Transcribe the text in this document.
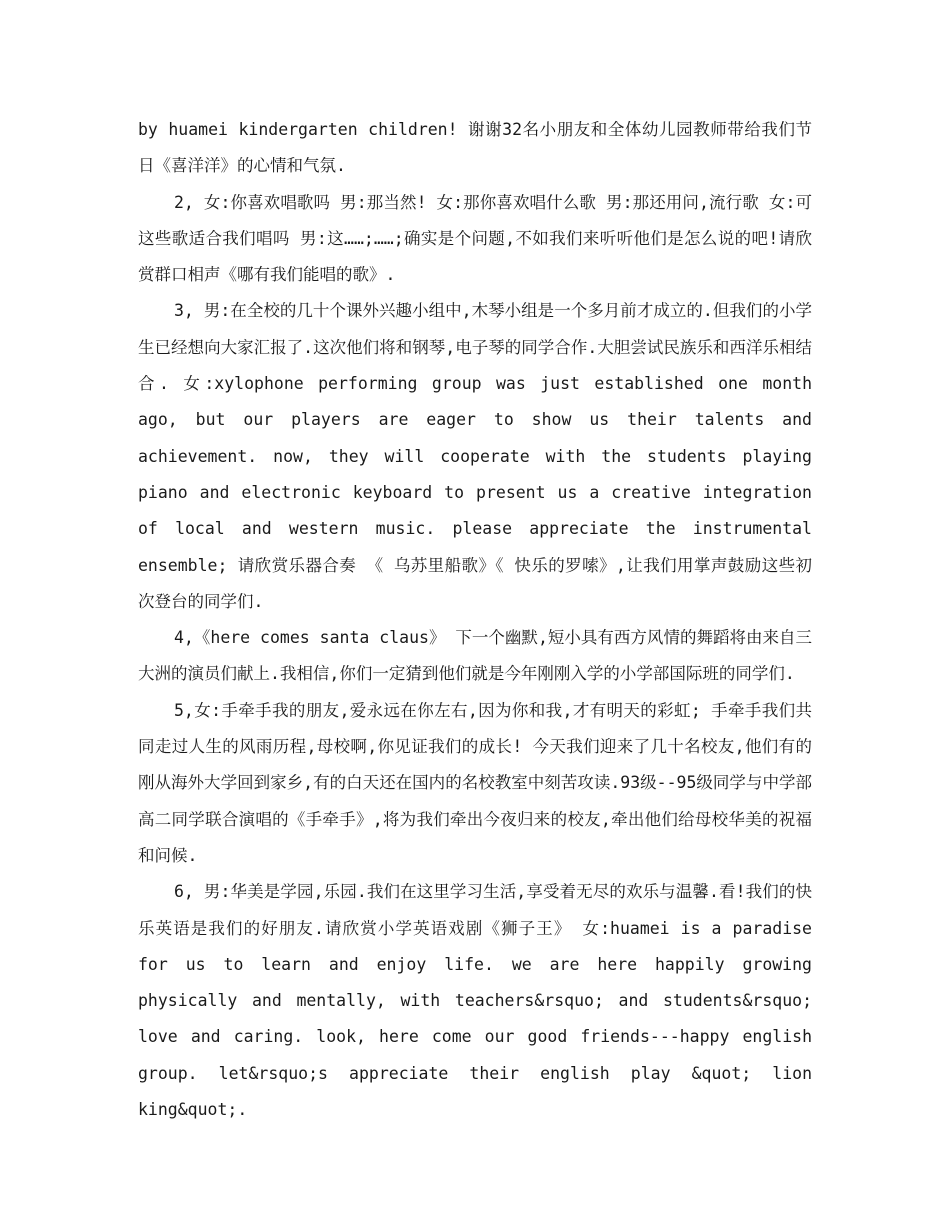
by huamei kindergarten children! 谢谢32名小朋友和全体幼儿园教师带给我们节日《喜洋洋》的心情和气氛.

2, 女:你喜欢唱歌吗 男:那当然! 女:那你喜欢唱什么歌 男:那还用问,流行歌 女:可这些歌适合我们唱吗 男:这……;……;确实是个问题,不如我们来听听他们是怎么说的吧!请欣赏群口相声《哪有我们能唱的歌》.

3, 男:在全校的几十个课外兴趣小组中,木琴小组是一个多月前才成立的.但我们的小学生已经想向大家汇报了.这次他们将和钢琴,电子琴的同学合作.大胆尝试民族乐和西洋乐相结合. 女:xylophone performing group was just established one month ago, but our players are eager to show us their talents and achievement. now, they will cooperate with the students playing piano and electronic keyboard to present us a creative integration of local and western music. please appreciate the instrumental ensemble; 请欣赏乐器合奏 《 乌苏里船歌》《 快乐的罗嗦》,让我们用掌声鼓励这些初次登台的同学们.

4,《here comes santa claus》 下一个幽默,短小具有西方风情的舞蹈将由来自三大洲的演员们献上.我相信,你们一定猜到他们就是今年刚刚入学的小学部国际班的同学们.

5,女:手牵手我的朋友,爱永远在你左右,因为你和我,才有明天的彩虹; 手牵手我们共同走过人生的风雨历程,母校啊,你见证我们的成长! 今天我们迎来了几十名校友,他们有的刚从海外大学回到家乡,有的白天还在国内的名校教室中刻苦攻读.93级--95级同学与中学部高二同学联合演唱的《手牵手》,将为我们牵出今夜归来的校友,牵出他们给母校华美的祝福和问候.

6, 男:华美是学园,乐园.我们在这里学习生活,享受着无尽的欢乐与温馨.看!我们的快乐英语是我们的好朋友.请欣赏小学英语戏剧《狮子王》 女:huamei is a paradise for us to learn and enjoy life. we are here happily growing physically and mentally, with teachers&rsquo; and students&rsquo; love and caring. look, here come our good friends---happy english group. let&rsquo;s appreciate their english play &quot; lion king&quot;.
